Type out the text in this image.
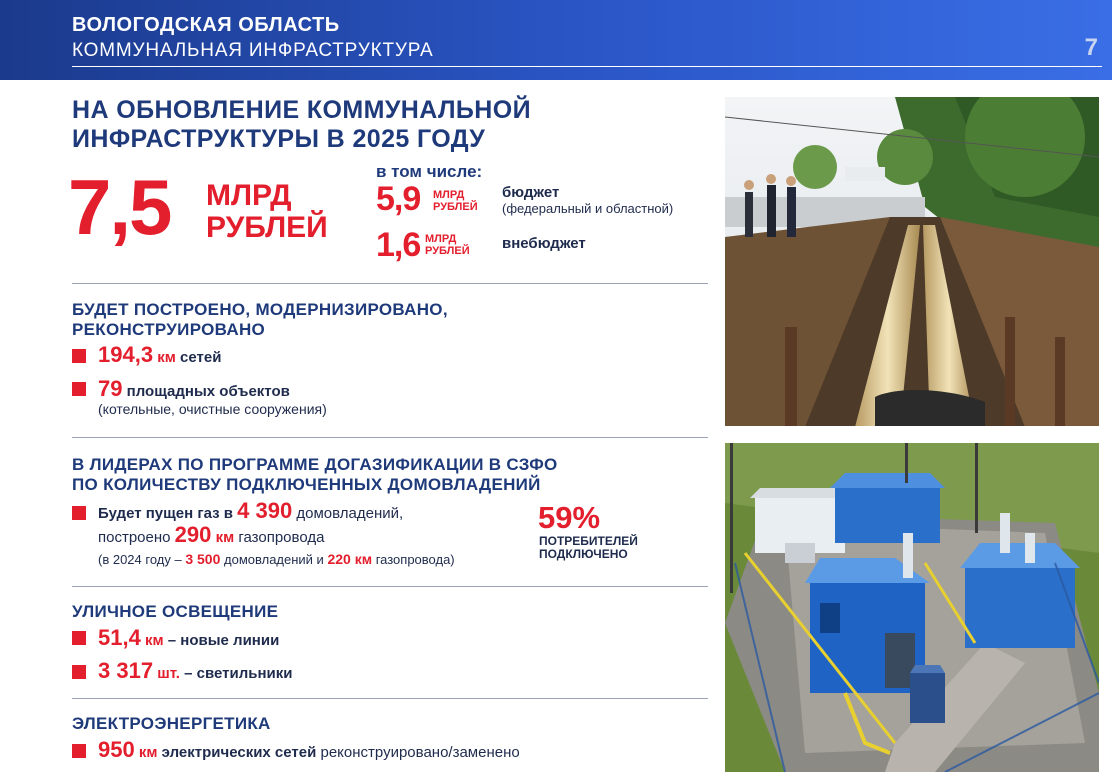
ВОЛОГОДСКАЯ ОБЛАСТЬ
КОММУНАЛЬНАЯ ИНФРАСТРУКТУРА	7
НА ОБНОВЛЕНИЕ КОММУНАЛЬНОЙ
ИНФРАСТРУКТУРЫ В 2025 ГОДУ
7,5 МЛРД
РУБЛЕЙ
в том числе:
5,9 МЛРД
РУБЛЕЙ
бюджет
(федеральный и областной)
1,6 МЛРД
РУБЛЕЙ внебюджет
БУДЕТ ПОСТРОЕНО, МОДЕРНИЗИРОВАНО,
РЕКОНСТРУИРОВАНО
194,3 км сетей
79 площадных объектов
(котельные, очистные сооружения)
В ЛИДЕРАХ ПО ПРОГРАММЕ ДОГАЗИФИКАЦИИ В СЗФО
ПО КОЛИЧЕСТВУ ПОДКЛЮЧЕННЫХ ДОМОВЛАДЕНИЙ
Будет пущен газ в 4 390 домовладений,
построено 290 км газопровода
(в 2024 году – 3 500 домовладений и 220 км газопровода)
59%
ПОТРЕБИТЕЛЕЙ
ПОДКЛЮЧЕНО
УЛИЧНОЕ ОСВЕЩЕНИЕ
51,4 км – новые линии
3 317 шт. – светильники
ЭЛЕКТРОЭНЕРГЕТИКА
950 км электрических сетей реконструировано/заменено
